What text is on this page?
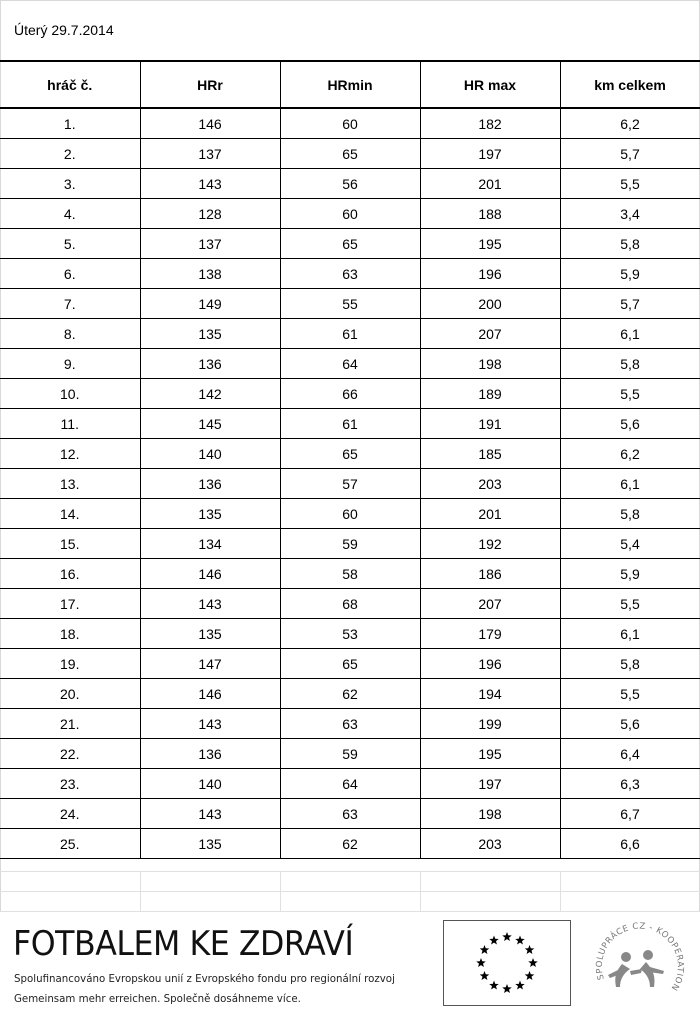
Úterý 29.7.2014
hráč č.	HRr	HRmin	HR max	km celkem
1.	146	60	182	6,2
2.	137	65	197	5,7
3.	143	56	201	5,5
4.	128	60	188	3,4
5.	137	65	195	5,8
6.	138	63	196	5,9
7.	149	55	200	5,7
8.	135	61	207	6,1
9.	136	64	198	5,8
10.	142	66	189	5,5
11.	145	61	191	5,6
12.	140	65	185	6,2
13.	136	57	203	6,1
14.	135	60	201	5,8
15.	134	59	192	5,4
16.	146	58	186	5,9
17.	143	68	207	5,5
18.	135	53	179	6,1
19.	147	65	196	5,8
20.	146	62	194	5,5
21.	143	63	199	5,6
22.	136	59	195	6,4
23.	140	64	197	6,3
24.	143	63	198	6,7
25.	135	62	203	6,6

FOTBALEM KE ZDRAVÍ
Spolufinancováno Evropskou unií z Evropského fondu pro regionální rozvoj
Gemeinsam mehr erreichen. Společně dosáhneme více.
SPOLUPRÁCE CZ - KOOPERATION
